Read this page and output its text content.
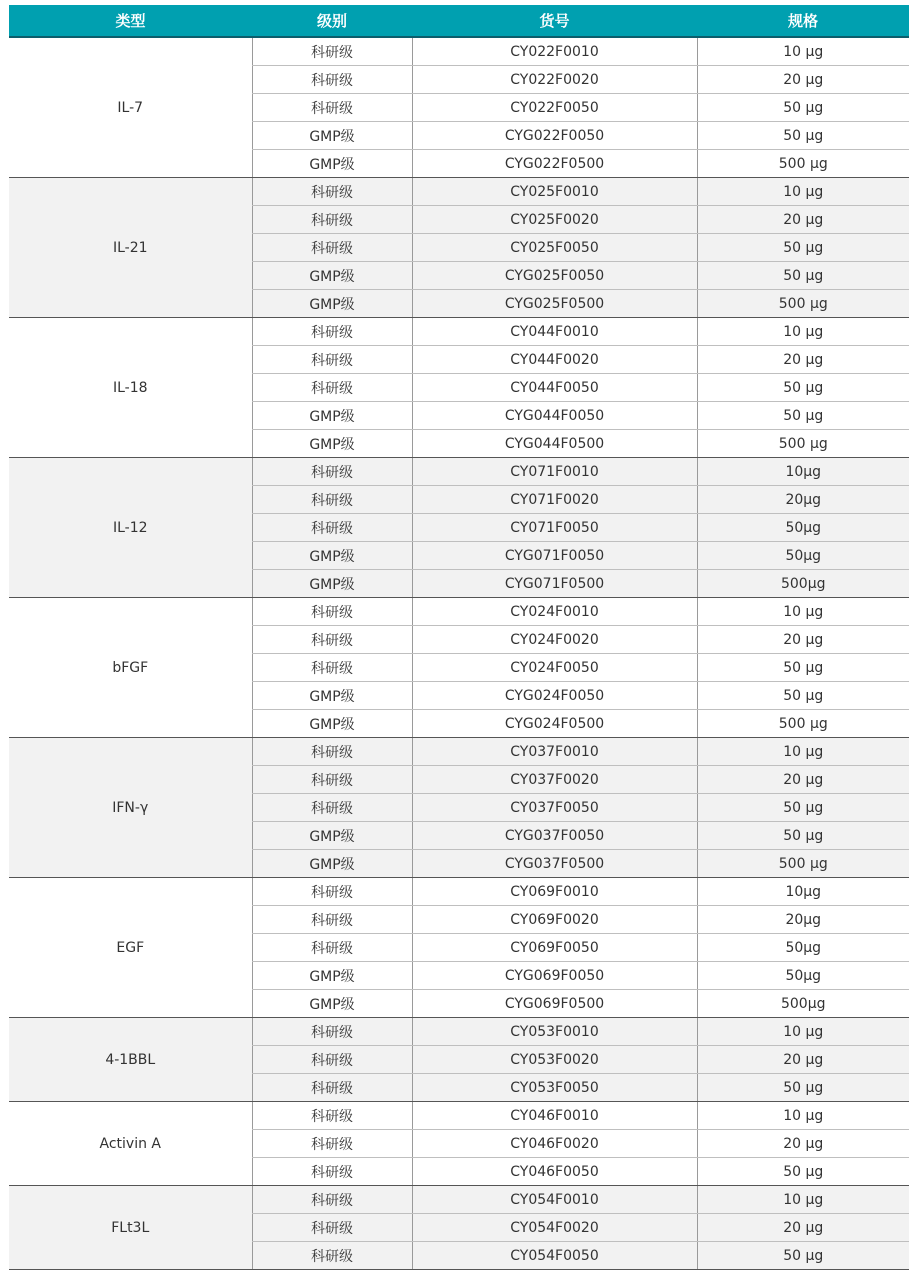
类型	级别	货号	规格
IL-7	科研级	CY022F0010	10 μg
	科研级	CY022F0020	20 μg
	科研级	CY022F0050	50 μg
	GMP级	CYG022F0050	50 μg
	GMP级	CYG022F0500	500 μg
IL-21	科研级	CY025F0010	10 μg
	科研级	CY025F0020	20 μg
	科研级	CY025F0050	50 μg
	GMP级	CYG025F0050	50 μg
	GMP级	CYG025F0500	500 μg
IL-18	科研级	CY044F0010	10 μg
	科研级	CY044F0020	20 μg
	科研级	CY044F0050	50 μg
	GMP级	CYG044F0050	50 μg
	GMP级	CYG044F0500	500 μg
IL-12	科研级	CY071F0010	10μg
	科研级	CY071F0020	20μg
	科研级	CY071F0050	50μg
	GMP级	CYG071F0050	50μg
	GMP级	CYG071F0500	500μg
bFGF	科研级	CY024F0010	10 μg
	科研级	CY024F0020	20 μg
	科研级	CY024F0050	50 μg
	GMP级	CYG024F0050	50 μg
	GMP级	CYG024F0500	500 μg
IFN-γ	科研级	CY037F0010	10 μg
	科研级	CY037F0020	20 μg
	科研级	CY037F0050	50 μg
	GMP级	CYG037F0050	50 μg
	GMP级	CYG037F0500	500 μg
EGF	科研级	CY069F0010	10μg
	科研级	CY069F0020	20μg
	科研级	CY069F0050	50μg
	GMP级	CYG069F0050	50μg
	GMP级	CYG069F0500	500μg
4-1BBL	科研级	CY053F0010	10 μg
	科研级	CY053F0020	20 μg
	科研级	CY053F0050	50 μg
Activin A	科研级	CY046F0010	10 μg
	科研级	CY046F0020	20 μg
	科研级	CY046F0050	50 μg
FLt3L	科研级	CY054F0010	10 μg
	科研级	CY054F0020	20 μg
	科研级	CY054F0050	50 μg
